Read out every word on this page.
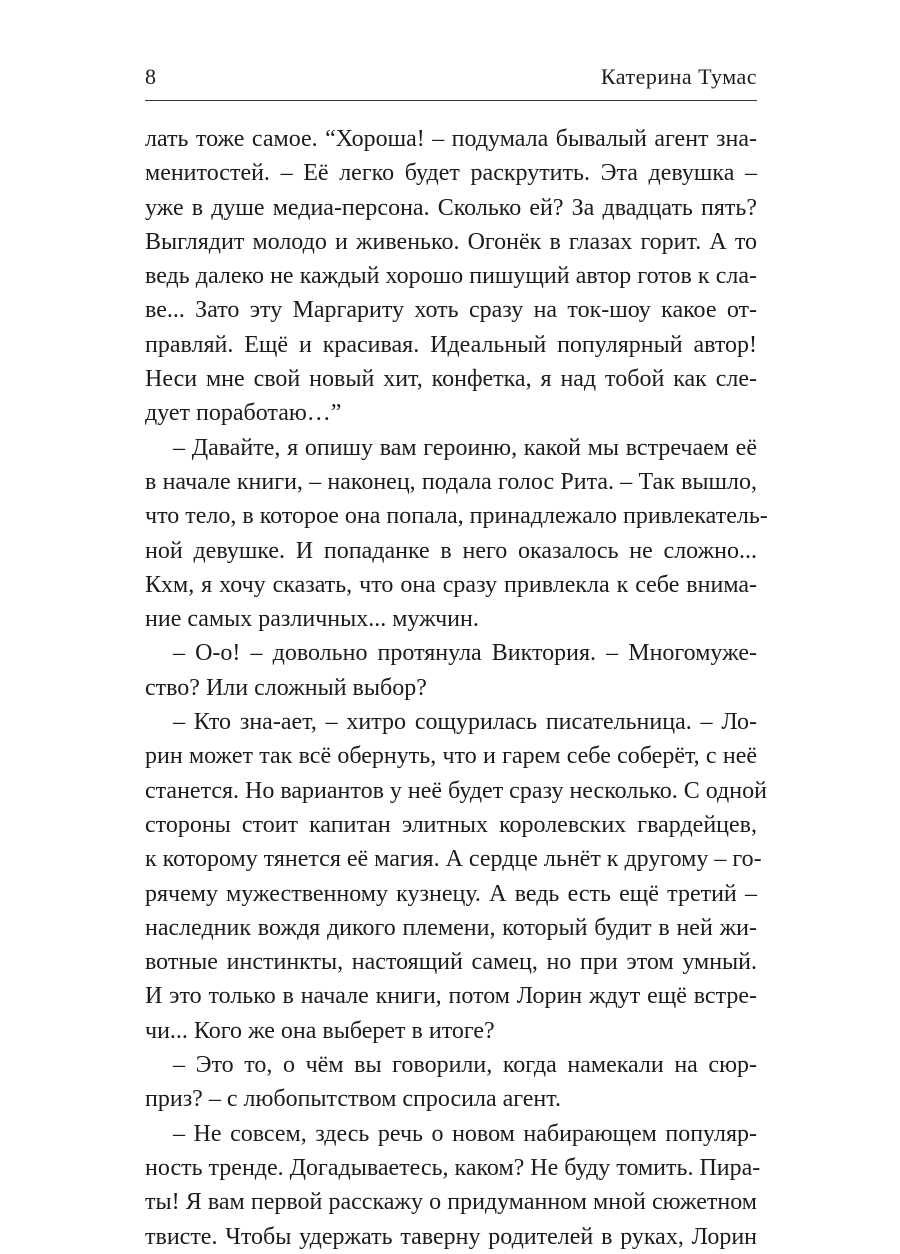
8	Катерина Тумас
лать тоже самое. “Хороша! – подумала бывалый агент зна-
менитостей. – Её легко будет раскрутить. Эта девушка –
уже в душе медиа-персона. Сколько ей? За двадцать пять?
Выглядит молодо и живенько. Огонёк в глазах горит. А то
ведь далеко не каждый хорошо пишущий автор готов к сла-
ве... Зато эту Маргариту хоть сразу на ток-шоу какое от-
правляй. Ещё и красивая. Идеальный популярный автор!
Неси мне свой новый хит, конфетка, я над тобой как сле-
дует поработаю…”
– Давайте, я опишу вам героиню, какой мы встречаем её
в начале книги, – наконец, подала голос Рита. – Так вышло,
что тело, в которое она попала, принадлежало привлекатель-
ной девушке. И попаданке в него оказалось не сложно...
Кхм, я хочу сказать, что она сразу привлекла к себе внима-
ние самых различных... мужчин.
– О-о! – довольно протянула Виктория. – Многомуже-
ство? Или сложный выбор?
– Кто зна-ает, – хитро сощурилась писательница. – Ло-
рин может так всё обернуть, что и гарем себе соберёт, с неё
станется. Но вариантов у неё будет сразу несколько. С одной
стороны стоит капитан элитных королевских гвардейцев,
к которому тянется её магия. А сердце льнёт к другому – го-
рячему мужественному кузнецу. А ведь есть ещё третий –
наследник вождя дикого племени, который будит в ней жи-
вотные инстинкты, настоящий самец, но при этом умный.
И это только в начале книги, потом Лорин ждут ещё встре-
чи... Кого же она выберет в итоге?
– Это то, о чём вы говорили, когда намекали на сюр-
приз? – с любопытством спросила агент.
– Не совсем, здесь речь о новом набирающем популяр-
ность тренде. Догадываетесь, каком? Не буду томить. Пира-
ты! Я вам первой расскажу о придуманном мной сюжетном
твисте. Чтобы удержать таверну родителей в руках, Лорин
